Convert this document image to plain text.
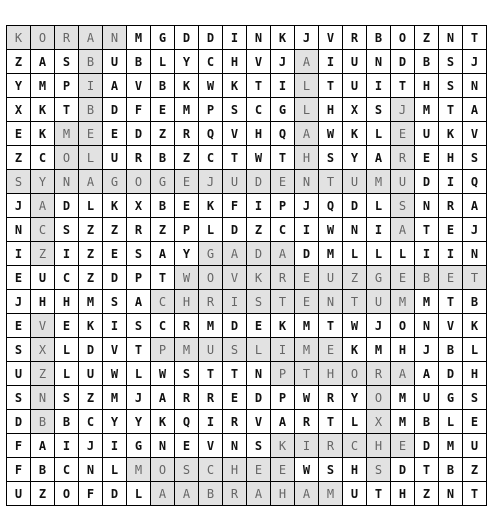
K	O	R	A	N	M	G	D	D	I	N	K	J	V	R	B	O	Z	N	T
Z	A	S	B	U	B	L	Y	C	H	V	J	A	I	U	N	D	B	S	J
Y	M	P	I	A	V	B	K	W	K	T	I	L	T	U	I	T	H	S	N
X	K	T	B	D	F	E	M	P	S	C	G	L	H	X	S	J	M	T	A
E	K	M	E	E	D	Z	R	Q	V	H	Q	A	W	K	L	E	U	K	V
Z	C	O	L	U	R	B	Z	C	T	W	T	H	S	Y	A	R	E	H	S
S	Y	N	A	G	O	G	E	J	U	D	E	N	T	U	M	U	D	I	Q
J	A	D	L	K	X	B	E	K	F	I	P	J	Q	D	L	S	N	R	A
N	C	S	Z	Z	R	Z	P	L	D	Z	C	I	W	N	I	A	T	E	J
I	Z	I	Z	E	S	A	Y	G	A	D	A	D	M	L	L	L	I	I	N
E	U	C	Z	D	P	T	W	O	V	K	R	E	U	Z	G	E	B	E	T
J	H	H	M	S	A	C	H	R	I	S	T	E	N	T	U	M	M	T	B
E	V	E	K	I	S	C	R	M	D	E	K	M	T	W	J	O	N	V	K
S	X	L	D	V	T	P	M	U	S	L	I	M	E	K	M	H	J	B	L
U	Z	L	U	W	L	W	S	T	T	N	P	T	H	O	R	A	A	D	H
S	N	S	Z	M	J	A	R	R	E	D	P	W	R	Y	O	M	U	G	S
D	B	B	C	Y	Y	K	Q	I	R	V	A	R	T	L	X	M	B	L	E
F	A	I	J	I	G	N	E	V	N	S	K	I	R	C	H	E	D	M	U
F	B	C	N	L	M	O	S	C	H	E	E	W	S	H	S	D	T	B	Z
U	Z	O	F	D	L	A	A	B	R	A	H	A	M	U	T	H	Z	N	T
